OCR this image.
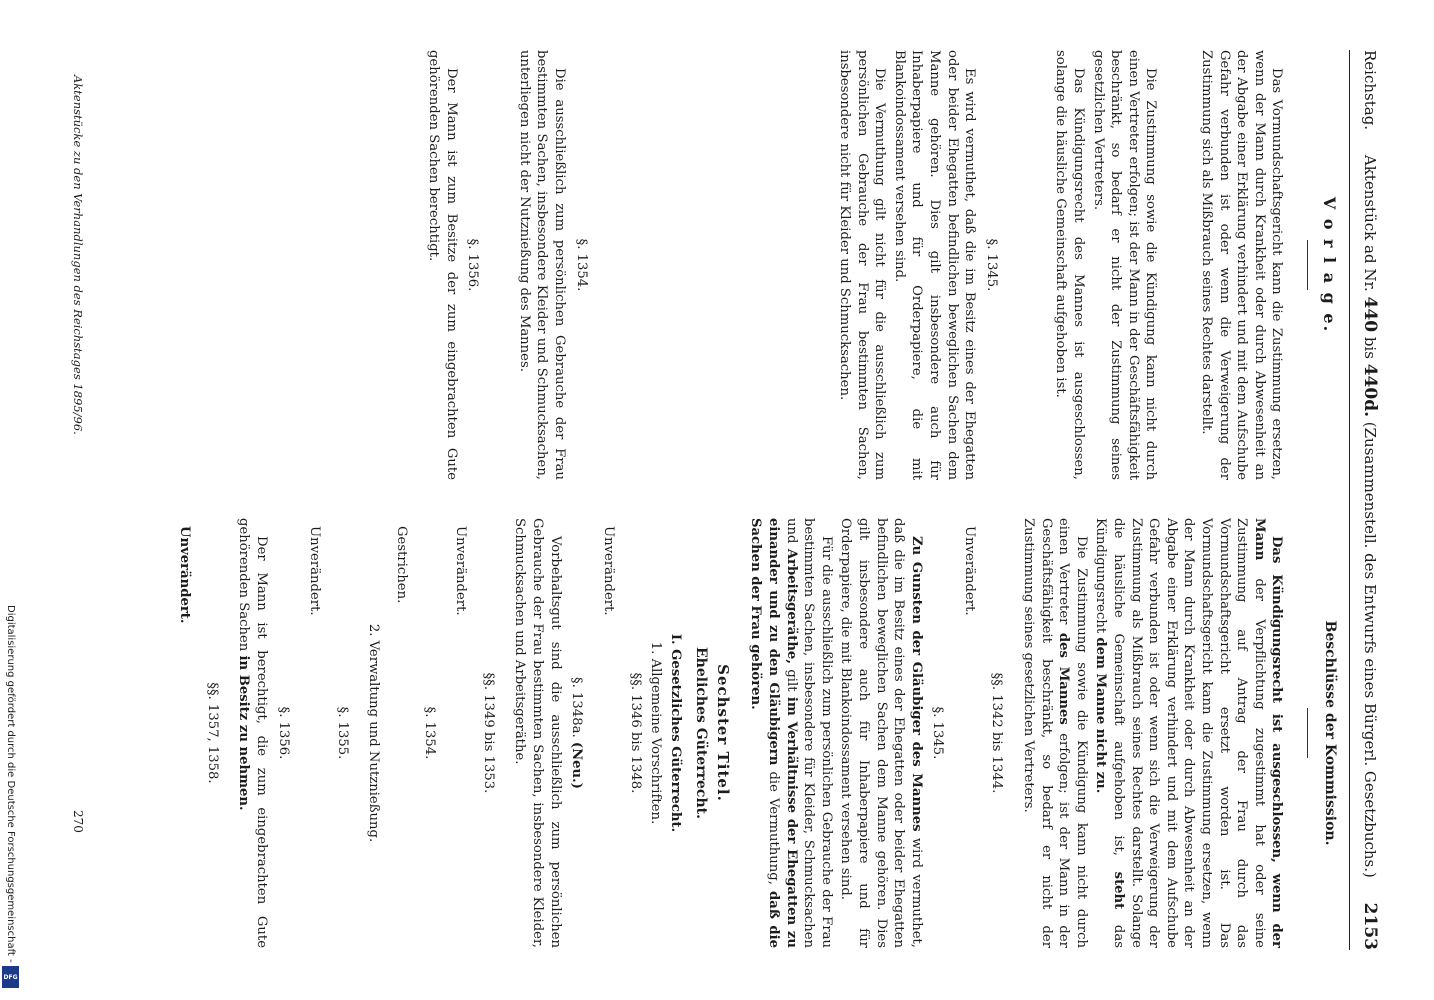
Reichstag.
Aktenstück ad Nr. 440 bis 440d. (Zusammenstell. des Entwurfs eines Bürgerl. Gesetzbuchs.)
2153
V o r l a g e.

Das Vormundschaftsgericht kann die Zustimmung ersetzen, wenn der Mann durch Krankheit oder durch Abwesenheit an der Abgabe einer Erklärung verhindert und mit dem Aufschube Gefahr verbunden ist oder wenn die Verweigerung der Zustimmung sich als Mißbrauch seines Rechtes darstellt.

Die Zustimmung sowie die Kündigung kann nicht durch einen Vertreter erfolgen; ist der Mann in der Geschäftsfähigkeit beschränkt, so bedarf er nicht der Zustimmung seines gesetzlichen Vertreters.

Das Kündigungsrecht des Mannes ist ausgeschlossen, solange die häusliche Gemeinschaft aufgehoben ist.

§. 1345.

Es wird vermuthet, daß die im Besitz eines der Ehegatten oder beider Ehegatten befindlichen beweglichen Sachen dem Manne gehören. Dies gilt insbesondere auch für Inhaberpapiere und für Orderpapiere, die mit Blankoindossament versehen sind.

Die Vermuthung gilt nicht für die ausschließlich zum persönlichen Gebrauche der Frau bestimmten Sachen, insbesondere nicht für Kleider und Schmucksachen.

§. 1354.

Die ausschließlich zum persönlichen Gebrauche der Frau bestimmten Sachen, insbesondere Kleider und Schmucksachen, unterliegen nicht der Nutznießung des Mannes.

§. 1356.

Der Mann ist zum Besitze der zum eingebrachten Gute gehörenden Sachen berechtigt.

Beschlüsse der Kommission.

Das Kündigungsrecht ist ausgeschlossen, wenn der Mann der Verpflichtung zugestimmt hat oder seine Zustimmung auf Antrag der Frau durch das Vormundschaftsgericht ersetzt worden ist. Das Vormundschaftsgericht kann die Zustimmung ersetzen, wenn der Mann durch Krankheit oder durch Abwesenheit an der Abgabe einer Erklärung verhindert und mit dem Aufschube Gefahr verbunden ist oder wenn sich die Verweigerung der Zustimmung als Mißbrauch seines Rechtes darstellt. Solange die häusliche Gemeinschaft aufgehoben ist, steht das Kündigungsrecht dem Manne nicht zu.

Die Zustimmung sowie die Kündigung kann nicht durch einen Vertreter des Mannes erfolgen; ist der Mann in der Geschäftsfähigkeit beschränkt, so bedarf er nicht der Zustimmung seines gesetzlichen Vertreters.

§§. 1342 bis 1344.
Unverändert.
§. 1345.

Zu Gunsten der Gläubiger des Mannes wird vermuthet, daß die im Besitz eines der Ehegatten oder beider Ehegatten befindlichen beweglichen Sachen dem Manne gehören. Dies gilt insbesondere auch für Inhaberpapiere und für Orderpapiere, die mit Blankoindossament versehen sind.

Für die ausschließlich zum persönlichen Gebrauche der Frau bestimmten Sachen, insbesondere für Kleider, Schmucksachen und Arbeitsgeräthe, gilt im Verhältnisse der Ehegatten zu einander und zu den Gläubigern die Vermuthung, daß die Sachen der Frau gehören.

Sechster Titel.
Eheliches Güterrecht.
I. Gesetzliches Güterrecht.
1. Allgemeine Vorschriften.
§§. 1346 bis 1348.
Unverändert.
§. 1348a. (Neu.)

Vorbehaltsgut sind die ausschließlich zum persönlichen Gebrauche der Frau bestimmten Sachen, insbesondere Kleider, Schmucksachen und Arbeitsgeräthe.

§§. 1349 bis 1353.
Unverändert.
§. 1354.
Gestrichen.
2. Verwaltung und Nutznießung.
§. 1355.
Unverändert.
§. 1356.

Der Mann ist berechtigt, die zum eingebrachten Gute gehörenden Sachen in Besitz zu nehmen.

§§. 1357, 1358.
Unverändert.
Aktenstücke zu den Verhandlungen des Reichstages 1895/96.
270
Digitalisierung gefördert durch die Deutsche Forschungsgemeinschaft -
DFG
